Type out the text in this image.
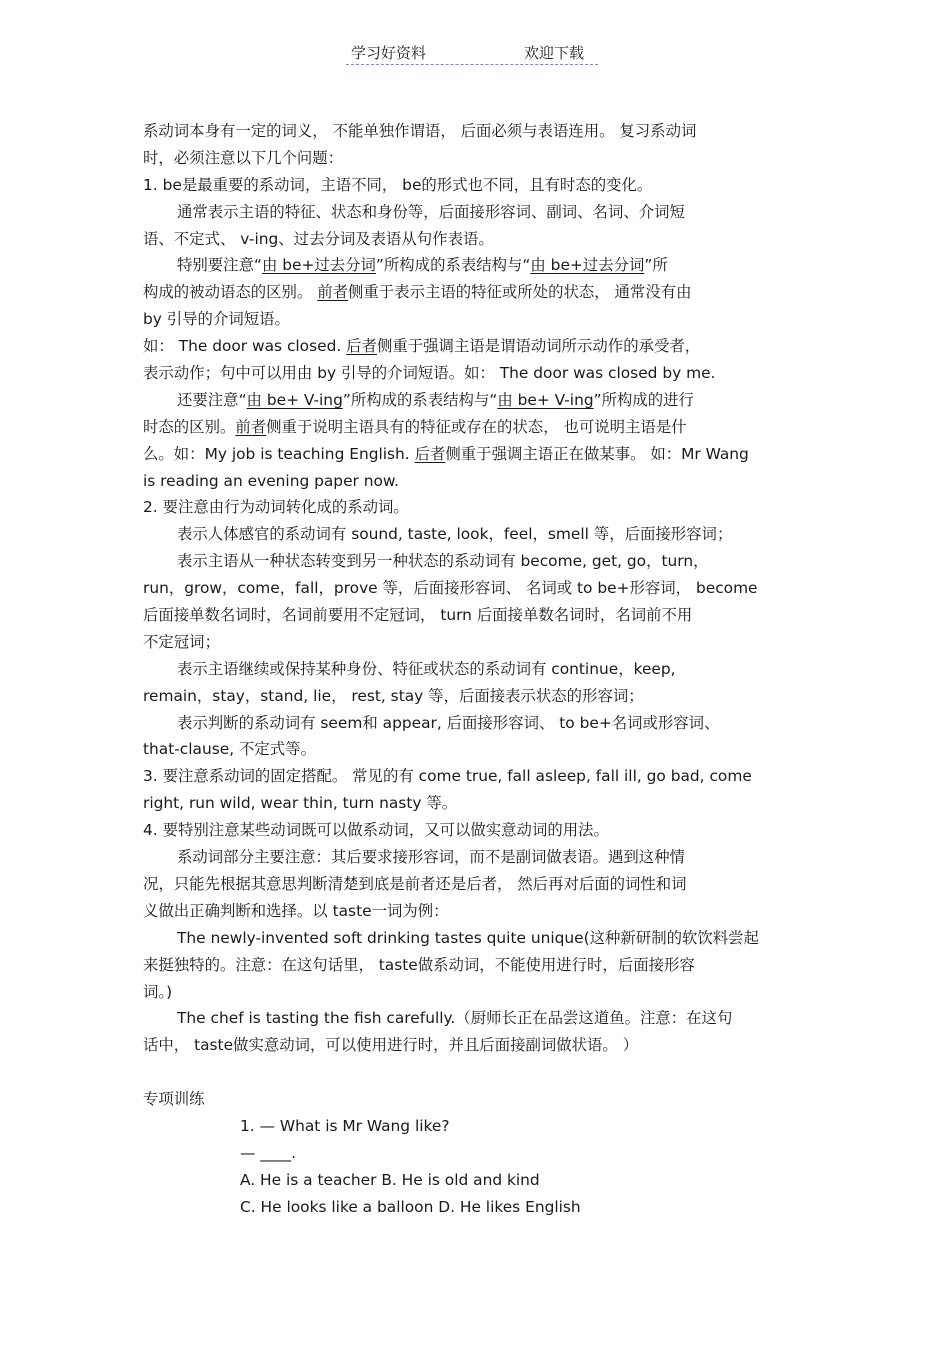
学习好资料	欢迎下载
系动词本身有一定的词义， 不能单独作谓语， 后面必须与表语连用。 复习系动词
时，必须注意以下几个问题：
1. be是最重要的系动词，主语不同， be的形式也不同，且有时态的变化。
通常表示主语的特征、状态和身份等，后面接形容词、副词、名词、介词短
语、不定式、 v-ing、过去分词及表语从句作表语。
特别要注意“由 be+过去分词”所构成的系表结构与“由 be+过去分词”所
构成的被动语态的区别。 前者侧重于表示主语的特征或所处的状态， 通常没有由
by 引导的介词短语。
如： The door was closed. 后者侧重于强调主语是谓语动词所示动作的承受者，
表示动作；句中可以用由 by 引导的介词短语。如： The door was closed by me.
还要注意“由 be+ V-ing”所构成的系表结构与“由 be+ V-ing”所构成的进行
时态的区别。前者侧重于说明主语具有的特征或存在的状态， 也可说明主语是什
么。如：My job is teaching English. 后者侧重于强调主语正在做某事。 如：Mr Wang
is reading an evening paper now.
2. 要注意由行为动词转化成的系动词。
表示人体感官的系动词有 sound, taste, look，feel，smell 等，后面接形容词；
表示主语从一种状态转变到另一种状态的系动词有 become, get, go，turn，
run，grow，come，fall，prove 等，后面接形容词、 名词或 to be+形容词， become
后面接单数名词时，名词前要用不定冠词， turn 后面接单数名词时，名词前不用
不定冠词；
表示主语继续或保持某种身份、特征或状态的系动词有 continue，keep,
remain，stay，stand, lie， rest, stay 等，后面接表示状态的形容词；
表示判断的系动词有 seem和 appear, 后面接形容词、 to be+名词或形容词、
that-clause, 不定式等。
3. 要注意系动词的固定搭配。 常见的有 come true, fall asleep, fall ill, go bad, come
right, run wild, wear thin, turn nasty 等。
4. 要特别注意某些动词既可以做系动词，又可以做实意动词的用法。
系动词部分主要注意：其后要求接形容词，而不是副词做表语。遇到这种情
况，只能先根据其意思判断清楚到底是前者还是后者， 然后再对后面的词性和词
义做出正确判断和选择。以 taste一词为例：
The newly-invented soft drinking tastes quite unique(这种新研制的软饮料尝起
来挺独特的。注意：在这句话里， taste做系动词，不能使用进行时，后面接形容
词。)
The chef is tasting the fish carefully.（厨师长正在品尝这道鱼。注意：在这句
话中， taste做实意动词，可以使用进行时，并且后面接副词做状语。 ）
专项训练
1. — What is Mr Wang like?
— ____.
A. He is a teacher B. He is old and kind
C. He looks like a balloon D. He likes English
